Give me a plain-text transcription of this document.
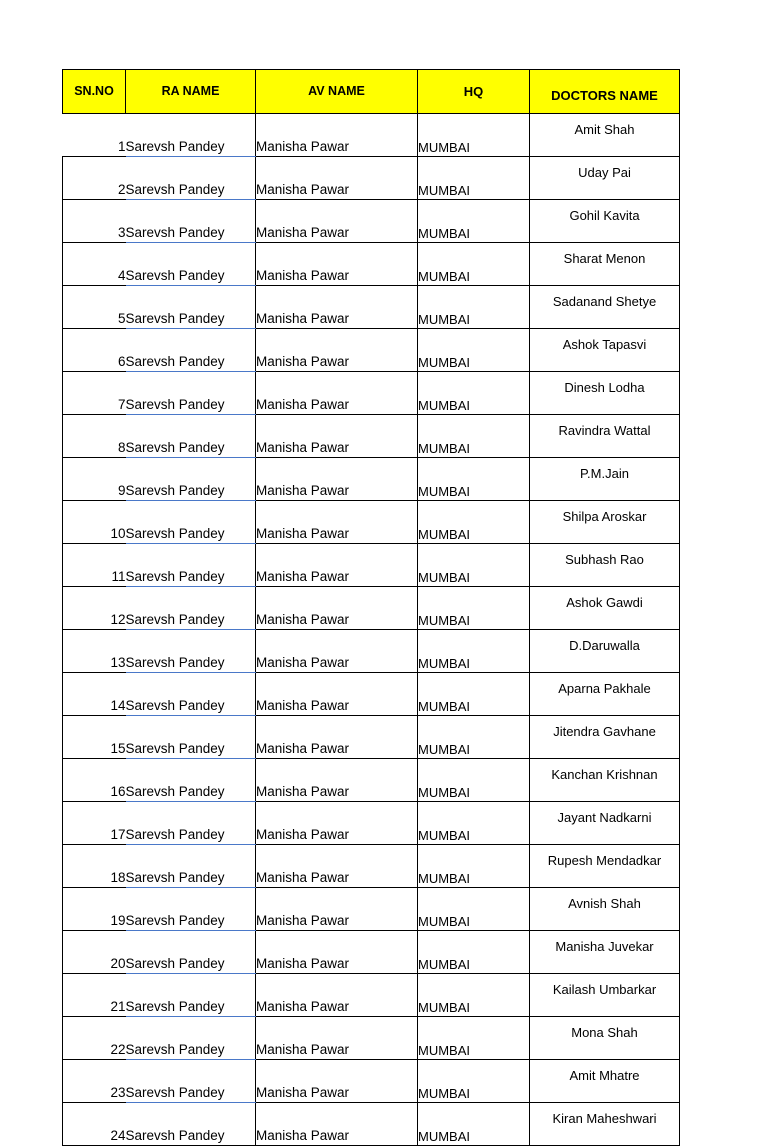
SN.NO	RA NAME	AV NAME	HQ	DOCTORS NAME
1	Sarevsh Pandey	Manisha Pawar	MUMBAI	Amit Shah
2	Sarevsh Pandey	Manisha Pawar	MUMBAI	Uday Pai
3	Sarevsh Pandey	Manisha Pawar	MUMBAI	Gohil Kavita
4	Sarevsh Pandey	Manisha Pawar	MUMBAI	Sharat Menon
5	Sarevsh Pandey	Manisha Pawar	MUMBAI	Sadanand Shetye
6	Sarevsh Pandey	Manisha Pawar	MUMBAI	Ashok Tapasvi
7	Sarevsh Pandey	Manisha Pawar	MUMBAI	Dinesh Lodha
8	Sarevsh Pandey	Manisha Pawar	MUMBAI	Ravindra Wattal
9	Sarevsh Pandey	Manisha Pawar	MUMBAI	P.M.Jain
10	Sarevsh Pandey	Manisha Pawar	MUMBAI	Shilpa Aroskar
11	Sarevsh Pandey	Manisha Pawar	MUMBAI	Subhash Rao
12	Sarevsh Pandey	Manisha Pawar	MUMBAI	Ashok Gawdi
13	Sarevsh Pandey	Manisha Pawar	MUMBAI	D.Daruwalla
14	Sarevsh Pandey	Manisha Pawar	MUMBAI	Aparna Pakhale
15	Sarevsh Pandey	Manisha Pawar	MUMBAI	Jitendra Gavhane
16	Sarevsh Pandey	Manisha Pawar	MUMBAI	Kanchan Krishnan
17	Sarevsh Pandey	Manisha Pawar	MUMBAI	Jayant Nadkarni
18	Sarevsh Pandey	Manisha Pawar	MUMBAI	Rupesh Mendadkar
19	Sarevsh Pandey	Manisha Pawar	MUMBAI	Avnish Shah
20	Sarevsh Pandey	Manisha Pawar	MUMBAI	Manisha Juvekar
21	Sarevsh Pandey	Manisha Pawar	MUMBAI	Kailash Umbarkar
22	Sarevsh Pandey	Manisha Pawar	MUMBAI	Mona Shah
23	Sarevsh Pandey	Manisha Pawar	MUMBAI	Amit Mhatre
24	Sarevsh Pandey	Manisha Pawar	MUMBAI	Kiran Maheshwari
